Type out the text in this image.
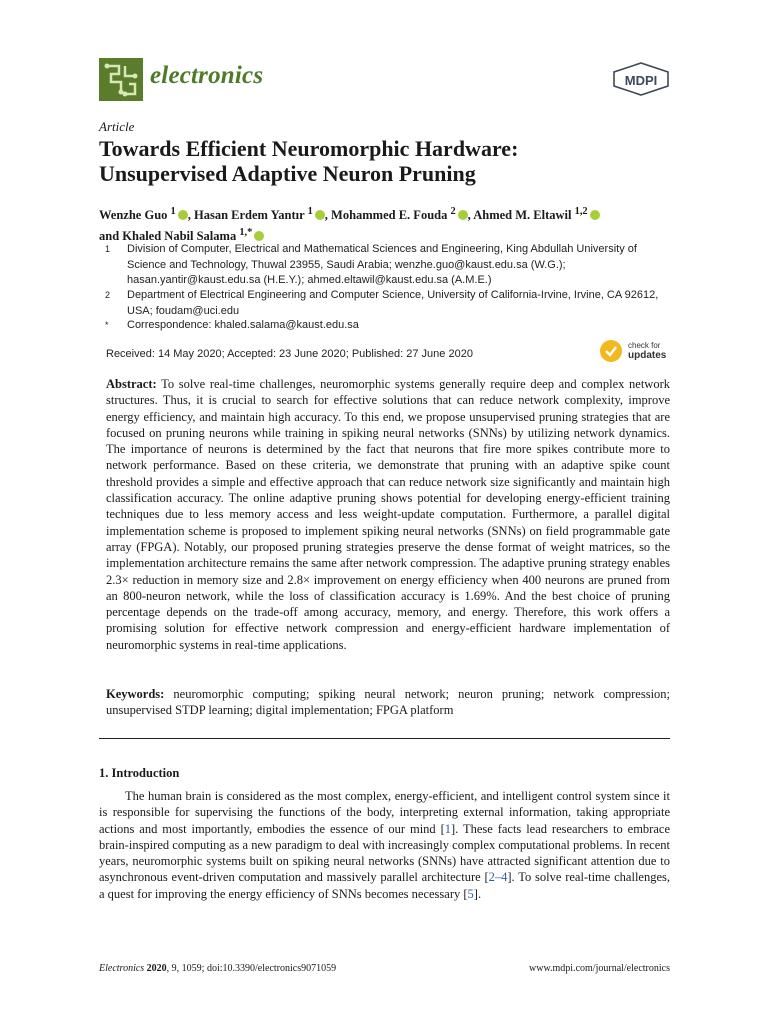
electronics	MDPI
Article
Towards Efficient Neuromorphic Hardware:
Unsupervised Adaptive Neuron Pruning
Wenzhe Guo $^1$ , Hasan Erdem Yantır $^1$ , Mohammed E. Fouda $^2$ , Ahmed M. Eltawil $^{1,2}$
and Khaled Nabil Salama $^{1,*}$
1 Division of Computer, Electrical and Mathematical Sciences and Engineering, King Abdullah University of Science and Technology, Thuwal 23955, Saudi Arabia; wenzhe.guo@kaust.edu.sa (W.G.); hasan.yantir@kaust.edu.sa (H.E.Y.); ahmed.eltawil@kaust.edu.sa (A.M.E.)
2 Department of Electrical Engineering and Computer Science, University of California-Irvine, Irvine, CA 92612, USA; foudam@uci.edu
* Correspondence: khaled.salama@kaust.edu.sa
Received: 14 May 2020; Accepted: 23 June 2020; Published: 27 June 2020
check for
updates
Abstract: To solve real-time challenges, neuromorphic systems generally require deep and complex network structures. Thus, it is crucial to search for effective solutions that can reduce network complexity, improve energy efficiency, and maintain high accuracy. To this end, we propose unsupervised pruning strategies that are focused on pruning neurons while training in spiking neural networks (SNNs) by utilizing network dynamics. The importance of neurons is determined by the fact that neurons that fire more spikes contribute more to network performance. Based on these criteria, we demonstrate that pruning with an adaptive spike count threshold provides a simple and effective approach that can reduce network size significantly and maintain high classification accuracy. The online adaptive pruning shows potential for developing energy-efficient training techniques due to less memory access and less weight-update computation. Furthermore, a parallel digital implementation scheme is proposed to implement spiking neural networks (SNNs) on field programmable gate array (FPGA). Notably, our proposed pruning strategies preserve the dense format of weight matrices, so the implementation architecture remains the same after network compression. The adaptive pruning strategy enables 2.3× reduction in memory size and 2.8× improvement on energy efficiency when 400 neurons are pruned from an 800-neuron network, while the loss of classification accuracy is 1.69%. And the best choice of pruning percentage depends on the trade-off among accuracy, memory, and energy. Therefore, this work offers a promising solution for effective network compression and energy-efficient hardware implementation of neuromorphic systems in real-time applications.
Keywords: neuromorphic computing; spiking neural network; neuron pruning; network compression; unsupervised STDP learning; digital implementation; FPGA platform
1. Introduction
The human brain is considered as the most complex, energy-efficient, and intelligent control system since it is responsible for supervising the functions of the body, interpreting external information, taking appropriate actions and most importantly, embodies the essence of our mind [1]. These facts lead researchers to embrace brain-inspired computing as a new paradigm to deal with increasingly complex computational problems. In recent years, neuromorphic systems built on spiking neural networks (SNNs) have attracted significant attention due to asynchronous event-driven computation and massively parallel architecture [2–4]. To solve real-time challenges, a quest for improving the energy efficiency of SNNs becomes necessary [5].
Electronics 2020, 9, 1059; doi:10.3390/electronics9071059	www.mdpi.com/journal/electronics
